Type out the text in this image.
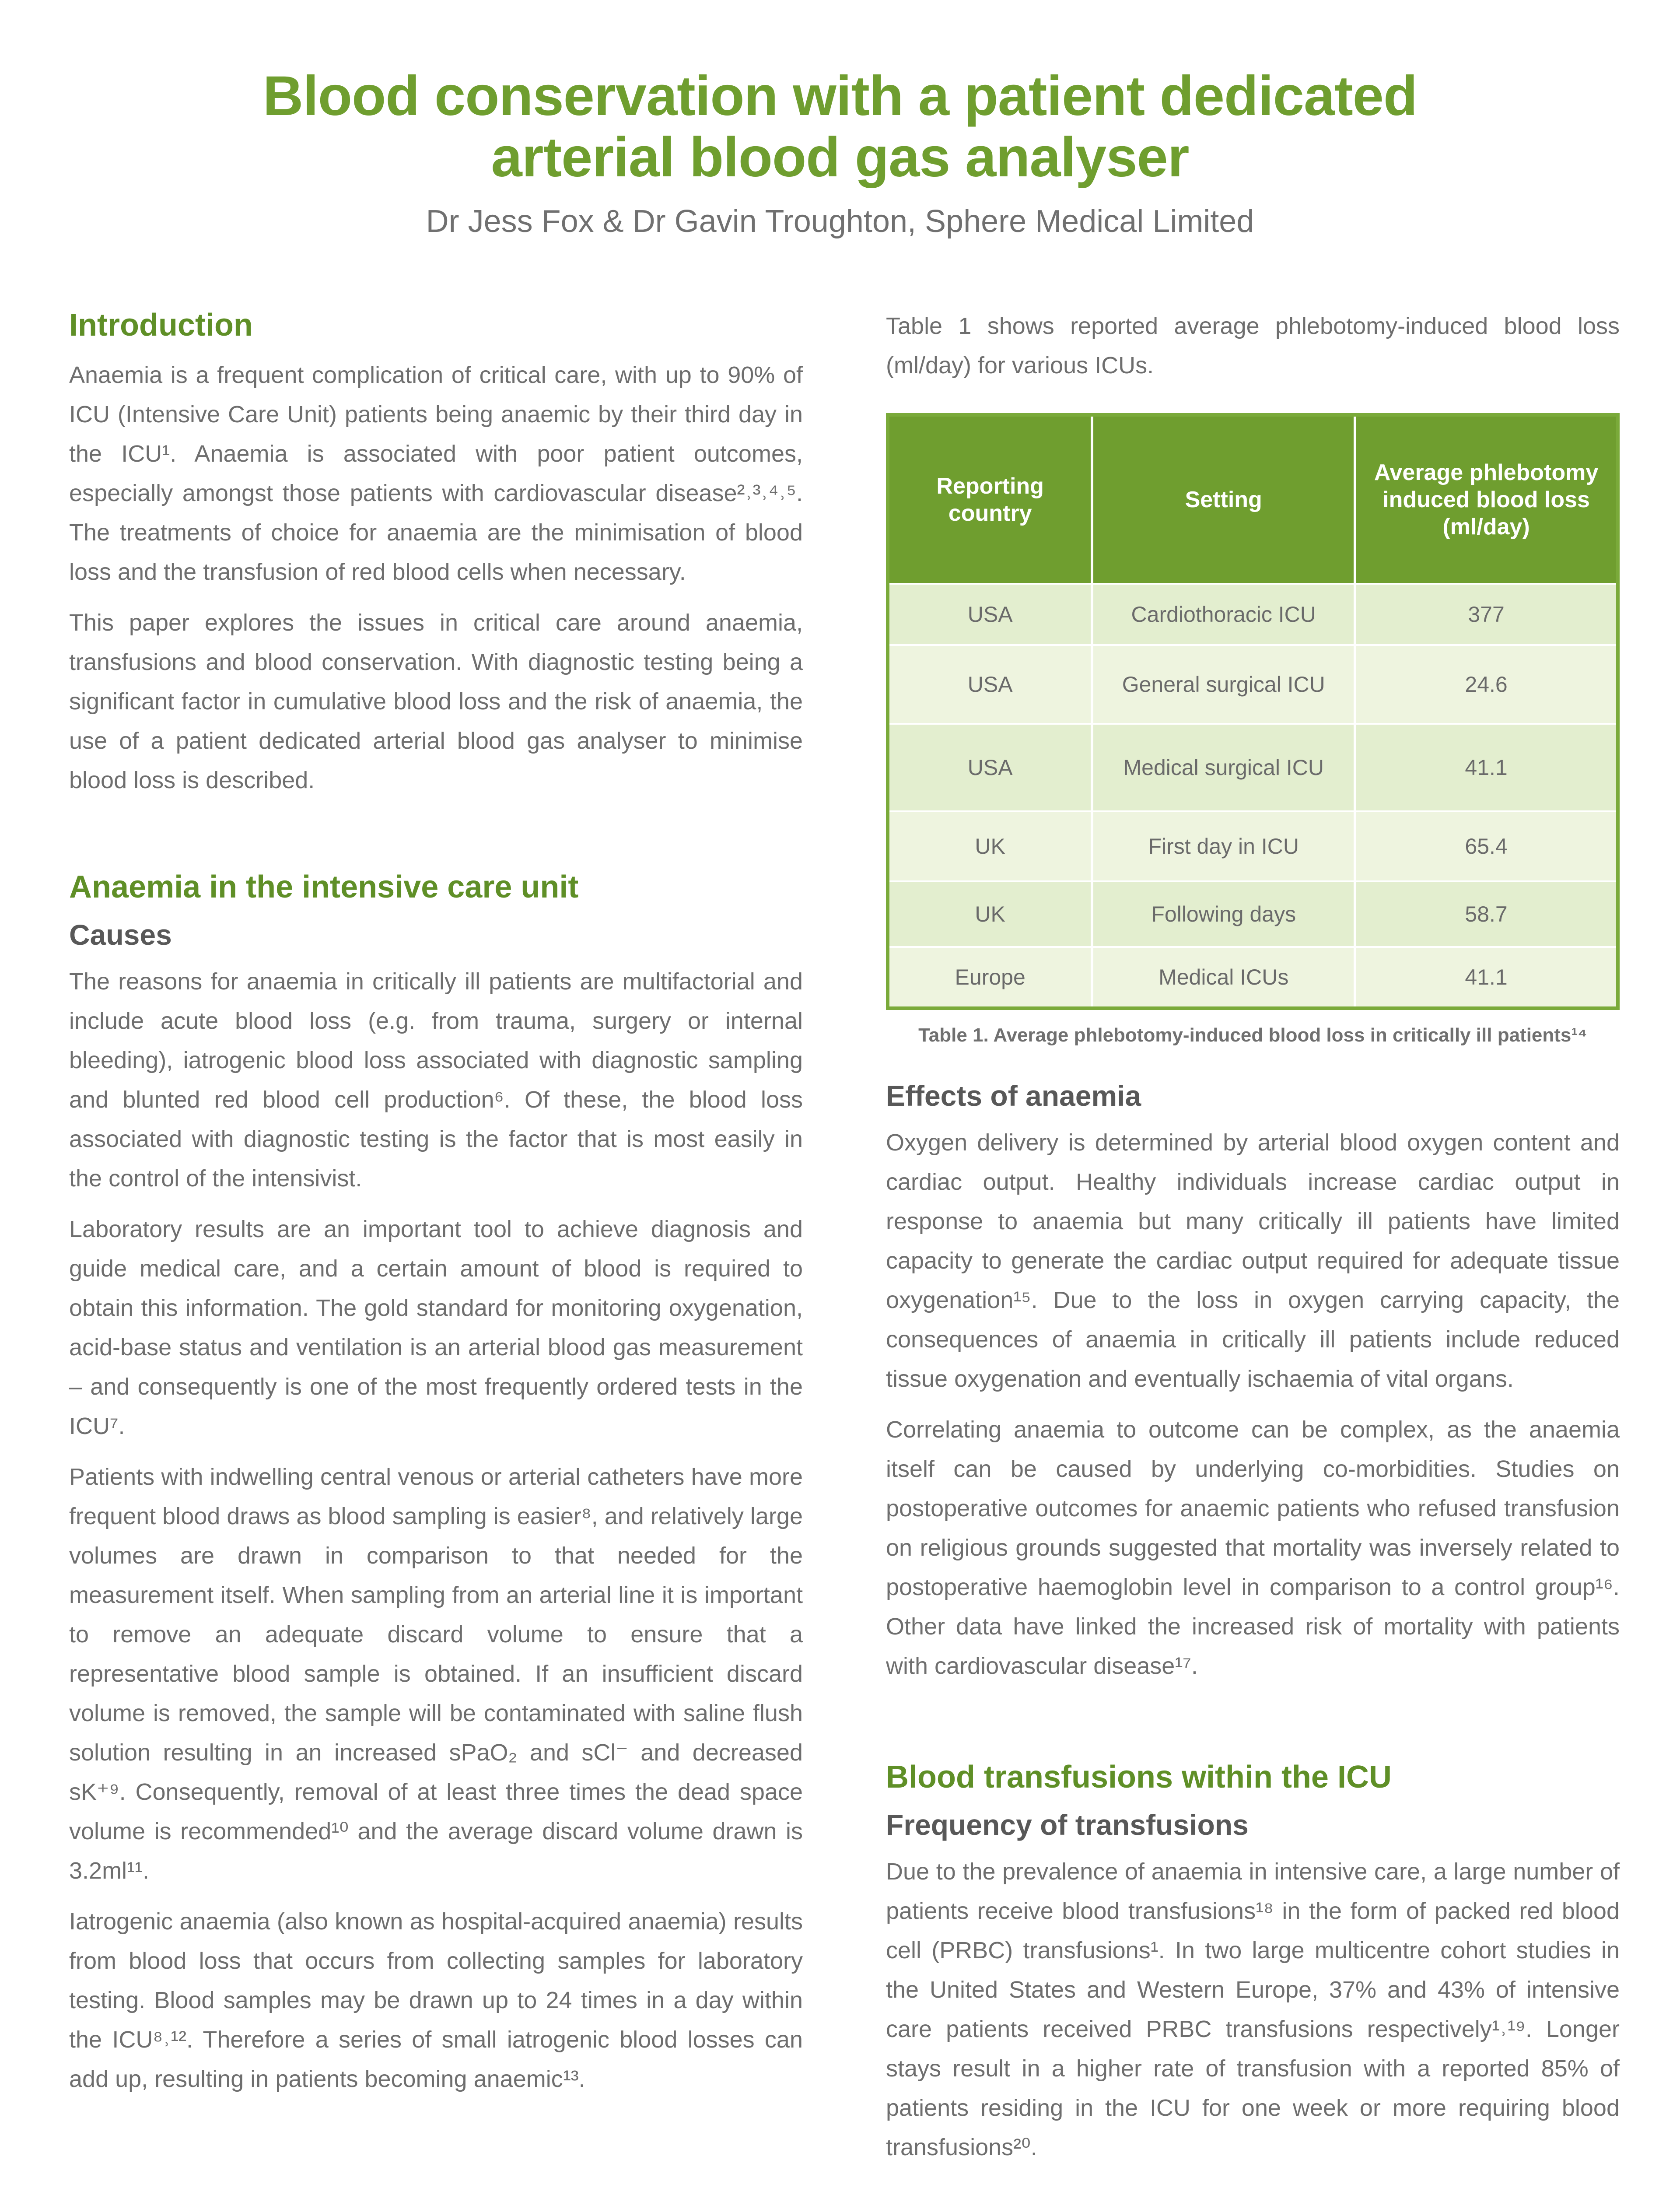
Blood conservation with a patient dedicated
arterial blood gas analyser
Dr Jess Fox & Dr Gavin Troughton, Sphere Medical Limited
Introduction

Anaemia is a frequent complication of critical care, with up to 90% of ICU (Intensive Care Unit) patients being anaemic by their third day in the ICU¹. Anaemia is associated with poor patient outcomes, especially amongst those patients with cardiovascular disease²˒³˒⁴˒⁵. The treatments of choice for anaemia are the minimisation of blood loss and the transfusion of red blood cells when necessary.

This paper explores the issues in critical care around anaemia, transfusions and blood conservation. With diagnostic testing being a significant factor in cumulative blood loss and the risk of anaemia, the use of a patient dedicated arterial blood gas analyser to minimise blood loss is described.

Anaemia in the intensive care unit
Causes

The reasons for anaemia in critically ill patients are multifactorial and include acute blood loss (e.g. from trauma, surgery or internal bleeding), iatrogenic blood loss associated with diagnostic sampling and blunted red blood cell production⁶. Of these, the blood loss associated with diagnostic testing is the factor that is most easily in the control of the intensivist.

Laboratory results are an important tool to achieve diagnosis and guide medical care, and a certain amount of blood is required to obtain this information. The gold standard for monitoring oxygenation, acid-base status and ventilation is an arterial blood gas measurement – and consequently is one of the most frequently ordered tests in the ICU⁷.

Patients with indwelling central venous or arterial catheters have more frequent blood draws as blood sampling is easier⁸, and relatively large volumes are drawn in comparison to that needed for the measurement itself. When sampling from an arterial line it is important to remove an adequate discard volume to ensure that a representative blood sample is obtained. If an insufficient discard volume is removed, the sample will be contaminated with saline flush solution resulting in an increased sPaO₂ and sCl⁻ and decreased sK⁺⁹. Consequently, removal of at least three times the dead space volume is recommended¹⁰ and the average discard volume drawn is 3.2ml¹¹.

Iatrogenic anaemia (also known as hospital-acquired anaemia) results from blood loss that occurs from collecting samples for laboratory testing. Blood samples may be drawn up to 24 times in a day within the ICU⁸˒¹². Therefore a series of small iatrogenic blood losses can add up, resulting in patients becoming anaemic¹³.

Table 1 shows reported average phlebotomy-induced blood loss (ml/day) for various ICUs.

Reporting country	Setting	Average phlebotomy induced blood loss (ml/day)
USA	Cardiothoracic ICU	377
USA	General surgical ICU	24.6
USA	Medical surgical ICU	41.1
UK	First day in ICU	65.4
UK	Following days	58.7
Europe	Medical ICUs	41.1
Table 1. Average phlebotomy-induced blood loss in critically ill patients¹⁴
Effects of anaemia

Oxygen delivery is determined by arterial blood oxygen content and cardiac output. Healthy individuals increase cardiac output in response to anaemia but many critically ill patients have limited capacity to generate the cardiac output required for adequate tissue oxygenation¹⁵. Due to the loss in oxygen carrying capacity, the consequences of anaemia in critically ill patients include reduced tissue oxygenation and eventually ischaemia of vital organs.

Correlating anaemia to outcome can be complex, as the anaemia itself can be caused by underlying co-morbidities. Studies on postoperative outcomes for anaemic patients who refused transfusion on religious grounds suggested that mortality was inversely related to postoperative haemoglobin level in comparison to a control group¹⁶. Other data have linked the increased risk of mortality with patients with cardiovascular disease¹⁷.

Blood transfusions within the ICU
Frequency of transfusions

Due to the prevalence of anaemia in intensive care, a large number of patients receive blood transfusions¹⁸ in the form of packed red blood cell (PRBC) transfusions¹. In two large multicentre cohort studies in the United States and Western Europe, 37% and 43% of intensive care patients received PRBC transfusions respectively¹˒¹⁹. Longer stays result in a higher rate of transfusion with a reported 85% of patients residing in the ICU for one week or more requiring blood transfusions²⁰.
